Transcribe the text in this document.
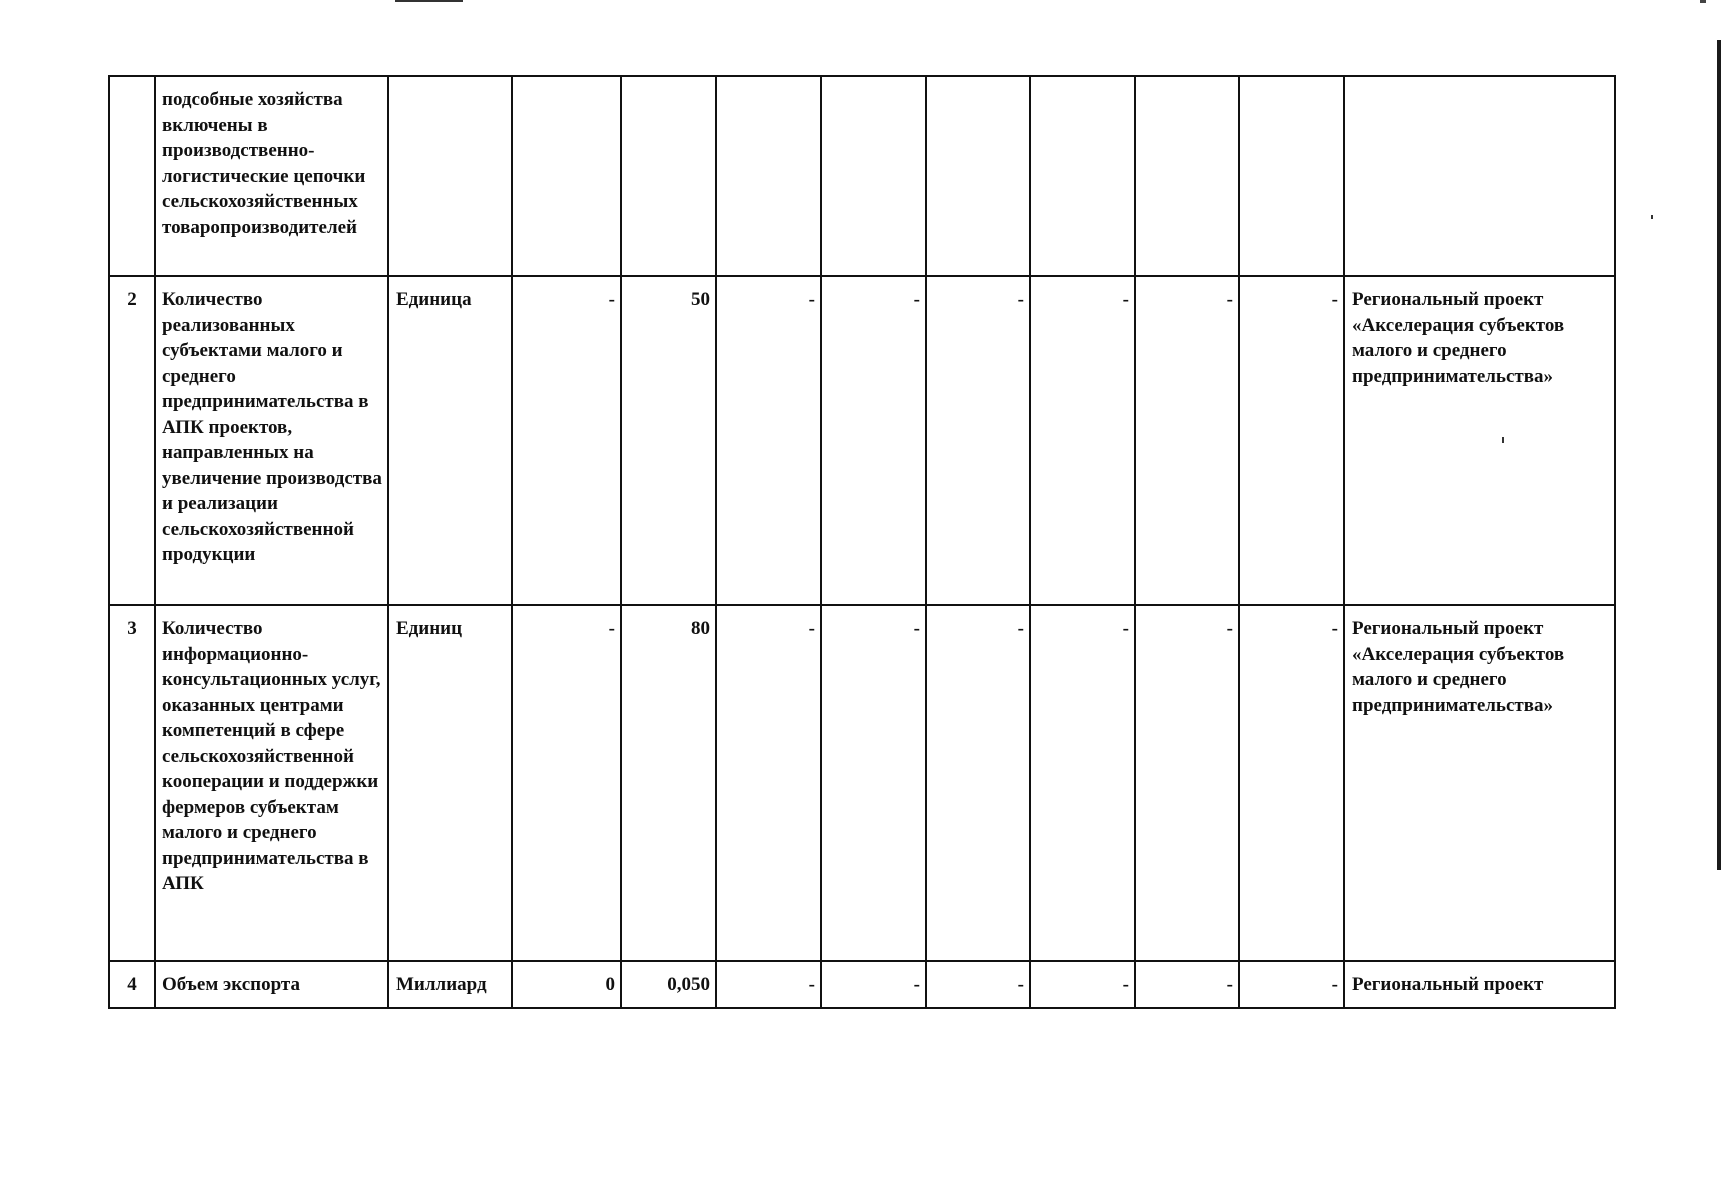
	подсобные хозяйства включены в производственно-логистические цепочки сельскохозяйственных товаропроизводителей										

2	Количество реализованных субъектами малого и среднего предпринимательства в АПК проектов, направленных на увеличение производства и реализации сельскохозяйственной продукции	Единица	-	50	-	-	-	-	-	-	Региональный проект «Акселерация субъектов малого и среднего предпринимательства»

3	Количество информационно-консультационных услуг, оказанных центрами компетенций в сфере сельскохозяйственной кооперации и поддержки фермеров субъектам малого и среднего предпринимательства в АПК	Единиц	-	80	-	-	-	-	-	-	Региональный проект «Акселерация субъектов малого и среднего предпринимательства»

4	Объем экспорта	Миллиард	0	0,050	-	-	-	-	-	-	Региональный проект
